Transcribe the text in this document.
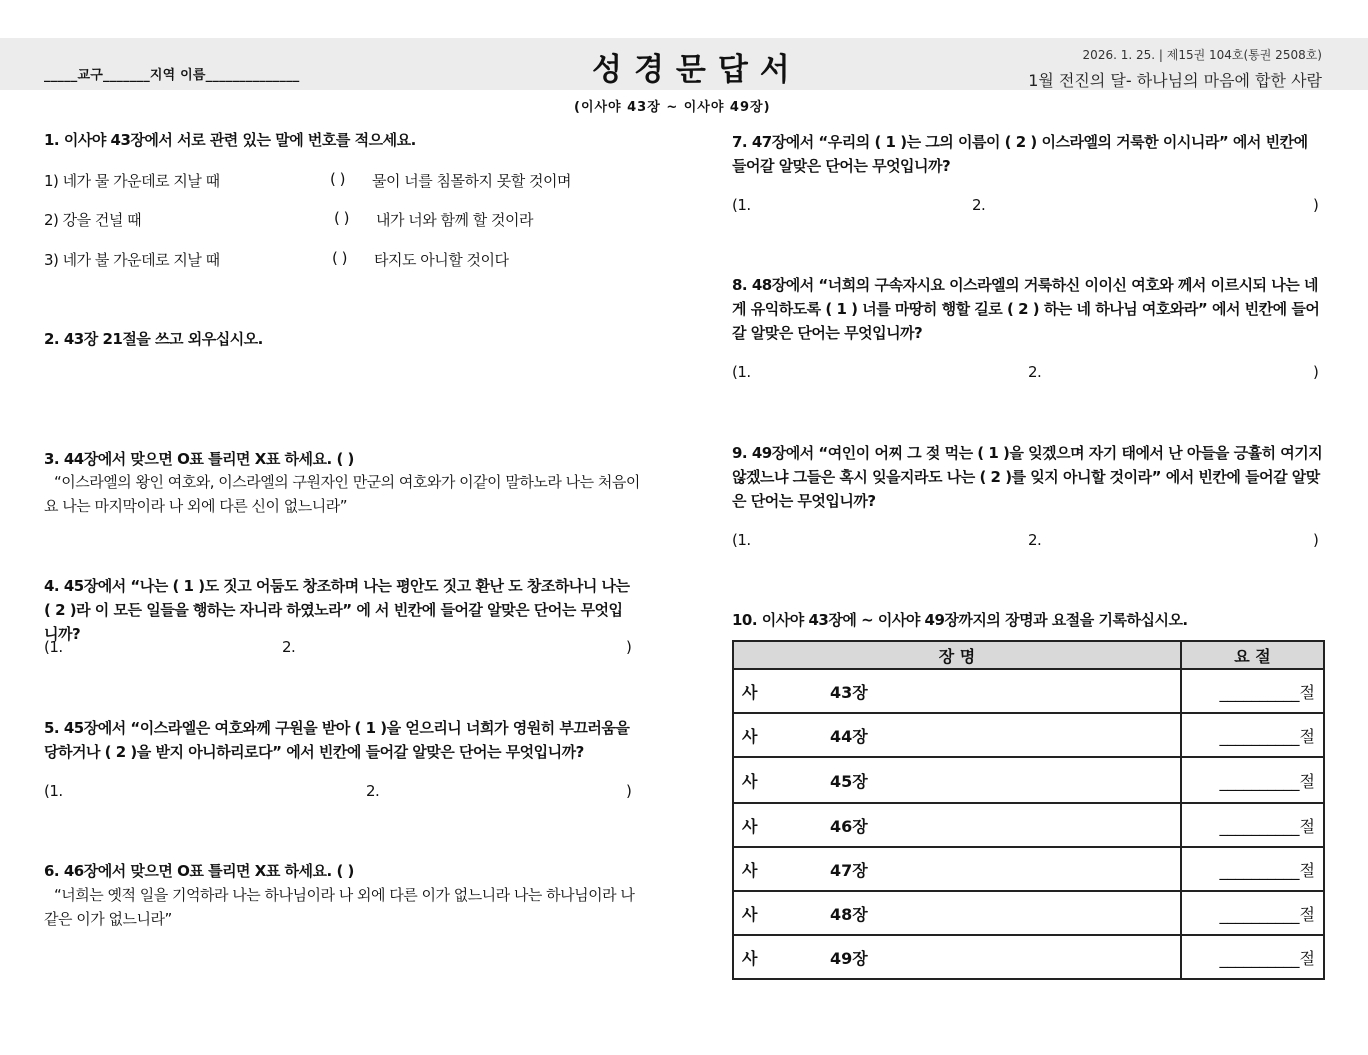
_____교구_______지역 이름______________	성경문답서	2026. 1. 25. | 제15권 104호(통권 2508호)
1월 전진의 달- 하나님의 마음에 합한 사람
(이사야 43장 ~ 이사야 49장)
1. 이사야 43장에서 서로 관련 있는 말에 번호를 적으세요.
1) 네가 물 가운데로 지날 때	( ) 물이 너를 침몰하지 못할 것이며
2) 강을 건널 때	( ) 내가 너와 함께 할 것이라
3) 네가 불 가운데로 지날 때	( ) 타지도 아니할 것이다
2. 43장 21절을 쓰고 외우십시오.
3. 44장에서 맞으면 O표 틀리면 X표 하세요. ( )
“이스라엘의 왕인 여호와, 이스라엘의 구원자인 만군의 여호와가 이같이 말하노라 나는 처음이요 나는 마지막이라 나 외에 다른 신이 없느니라”
4. 45장에서 “나는 ( 1 )도 짓고 어둠도 창조하며 나는 평안도 짓고 환난 도 창조하나니 나는 ( 2 )라 이 모든 일들을 행하는 자니라 하였노라” 에 서 빈칸에 들어갈 알맞은 단어는 무엇입니까?
(1.	2.	)
5. 45장에서 “이스라엘은 여호와께 구원을 받아 ( 1 )을 얻으리니 너희가 영원히 부끄러움을 당하거나 ( 2 )을 받지 아니하리로다” 에서 빈칸에 들어갈 알맞은 단어는 무엇입니까?
(1.	2.	)
6. 46장에서 맞으면 O표 틀리면 X표 하세요. ( )
“너희는 옛적 일을 기억하라 나는 하나님이라 나 외에 다른 이가 없느니라 나는 하나님이라 나 같은 이가 없느니라”
7. 47장에서 “우리의 ( 1 )는 그의 이름이 ( 2 ) 이스라엘의 거룩한 이시니라” 에서 빈칸에 들어갈 알맞은 단어는 무엇입니까?
(1.	2.	)
8. 48장에서 “너희의 구속자시요 이스라엘의 거룩하신 이이신 여호와 께서 이르시되 나는 네게 유익하도록 ( 1 ) 너를 마땅히 행할 길로 ( 2 ) 하는 네 하나님 여호와라” 에서 빈칸에 들어갈 알맞은 단어는 무엇입니까?
(1.	2.	)
9. 49장에서 “여인이 어찌 그 젖 먹는 ( 1 )을 잊겠으며 자기 태에서 난 아들을 긍휼히 여기지 않겠느냐 그들은 혹시 잊을지라도 나는 ( 2 )를 잊지 아니할 것이라” 에서 빈칸에 들어갈 알맞은 단어는 무엇입니까?
(1.	2.	)
10. 이사야 43장에 ~ 이사야 49장까지의 장명과 요절을 기록하십시오.
장 명	요 절
사 43장	__________절
사 44장	__________절
사 45장	__________절
사 46장	__________절
사 47장	__________절
사 48장	__________절
사 49장	__________절
